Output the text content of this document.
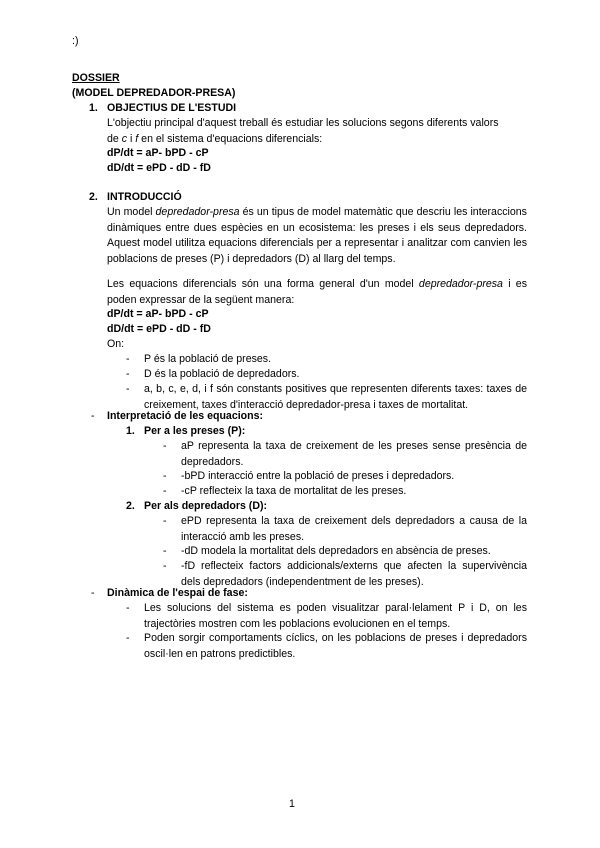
:)
DOSSIER
(MODEL DEPREDADOR-PRESA)
1. OBJECTIUS DE L'ESTUDI
L'objectiu principal d'aquest treball és estudiar les solucions segons diferents valors
de c i f en el sistema d'equacions diferencials:
dP/dt = aP- bPD - cP
dD/dt = ePD - dD - fD
2. INTRODUCCIÓ
Un model depredador-presa és un tipus de model matemàtic que descriu les interaccions dinàmiques entre dues espècies en un ecosistema: les preses i els seus depredadors. Aquest model utilitza equacions diferencials per a representar i analitzar com canvien les poblacions de preses (P) i depredadors (D) al llarg del temps.
Les equacions diferencials són una forma general d'un model depredador-presa i es poden expressar de la següent manera:
dP/dt = aP- bPD - cP
dD/dt = ePD - dD - fD
On:
- P és la població de preses.
- D és la població de depredadors.
- a, b, c, e, d, i f són constants positives que representen diferents taxes: taxes de creixement, taxes d'interacció depredador-presa i taxes de mortalitat.
- Interpretació de les equacions:
1. Per a les preses (P):
- aP representa la taxa de creixement de les preses sense presència de depredadors.
- -bPD interacció entre la població de preses i depredadors.
- -cP reflecteix la taxa de mortalitat de les preses.
2. Per als depredadors (D):
- ePD representa la taxa de creixement dels depredadors a causa de la interacció amb les preses.
- -dD modela la mortalitat dels depredadors en absència de preses.
- -fD reflecteix factors addicionals/externs que afecten la supervivència dels depredadors (independentment de les preses).
- Dinàmica de l'espai de fase:
- Les solucions del sistema es poden visualitzar paral·lelament P i D, on les trajectòries mostren com les poblacions evolucionen en el temps.
- Poden sorgir comportaments cíclics, on les poblacions de preses i depredadors oscil·len en patrons predictibles.
1
